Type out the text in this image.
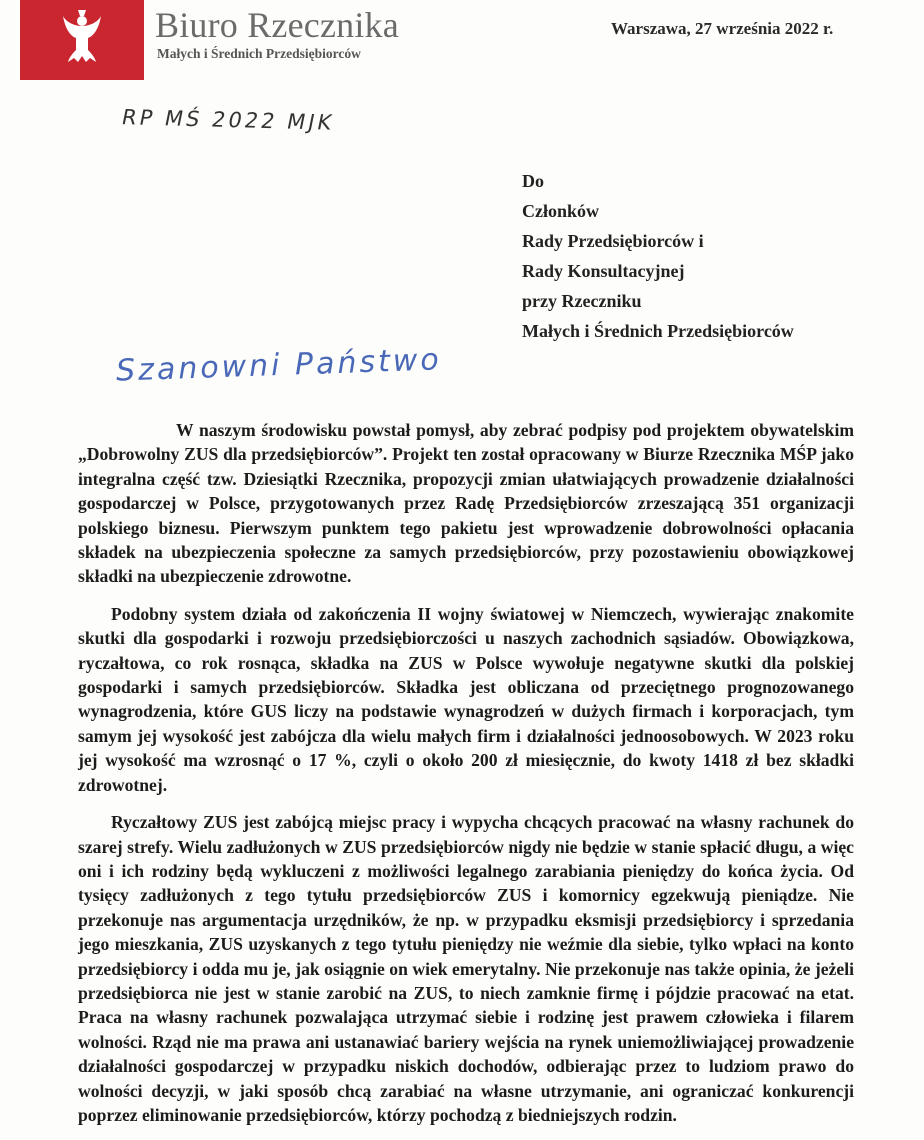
Biuro Rzecznika
Małych i Średnich Przedsiębiorców
Warszawa, 27 września 2022 r.
RP MŚ 2022 MJK
Do
Członków
Rady Przedsiębiorców i
Rady Konsultacyjnej
przy Rzeczniku
Małych i Średnich Przedsiębiorców
Szanowni Państwo

W naszym środowisku powstał pomysł, aby zebrać podpisy pod projektem obywatelskim „Dobrowolny ZUS dla przedsiębiorców”. Projekt ten został opracowany w Biurze Rzecznika MŚP jako integralna część tzw. Dziesiątki Rzecznika, propozycji zmian ułatwiających prowadzenie działalności gospodarczej w Polsce, przygotowanych przez Radę Przedsiębiorców zrzeszającą 351 organizacji polskiego biznesu. Pierwszym punktem tego pakietu jest wprowadzenie dobrowolności opłacania składek na ubezpieczenia społeczne za samych przedsiębiorców, przy pozostawieniu obowiązkowej składki na ubezpieczenie zdrowotne.

Podobny system działa od zakończenia II wojny światowej w Niemczech, wywierając znakomite skutki dla gospodarki i rozwoju przedsiębiorczości u naszych zachodnich sąsiadów. Obowiązkowa, ryczałtowa, co rok rosnąca, składka na ZUS w Polsce wywołuje negatywne skutki dla polskiej gospodarki i samych przedsiębiorców. Składka jest obliczana od przeciętnego prognozowanego wynagrodzenia, które GUS liczy na podstawie wynagrodzeń w dużych firmach i korporacjach, tym samym jej wysokość jest zabójcza dla wielu małych firm i działalności jednoosobowych. W 2023 roku jej wysokość ma wzrosnąć o 17 %, czyli o około 200 zł miesięcznie, do kwoty 1418 zł bez składki zdrowotnej.

Ryczałtowy ZUS jest zabójcą miejsc pracy i wypycha chcących pracować na własny rachunek do szarej strefy. Wielu zadłużonych w ZUS przedsiębiorców nigdy nie będzie w stanie spłacić długu, a więc oni i ich rodziny będą wykluczeni z możliwości legalnego zarabiania pieniędzy do końca życia. Od tysięcy zadłużonych z tego tytułu przedsiębiorców ZUS i komornicy egzekwują pieniądze. Nie przekonuje nas argumentacja urzędników, że np. w przypadku eksmisji przedsiębiorcy i sprzedania jego mieszkania, ZUS uzyskanych z tego tytułu pieniędzy nie weźmie dla siebie, tylko wpłaci na konto przedsiębiorcy i odda mu je, jak osiągnie on wiek emerytalny. Nie przekonuje nas także opinia, że jeżeli przedsiębiorca nie jest w stanie zarobić na ZUS, to niech zamknie firmę i pójdzie pracować na etat. Praca na własny rachunek pozwalająca utrzymać siebie i rodzinę jest prawem człowieka i filarem wolności. Rząd nie ma prawa ani ustanawiać bariery wejścia na rynek uniemożliwiającej prowadzenie działalności gospodarczej w przypadku niskich dochodów, odbierając przez to ludziom prawo do wolności decyzji, w jaki sposób chcą zarabiać na własne utrzymanie, ani ograniczać konkurencji poprzez eliminowanie przedsiębiorców, którzy pochodzą z biedniejszych rodzin.
